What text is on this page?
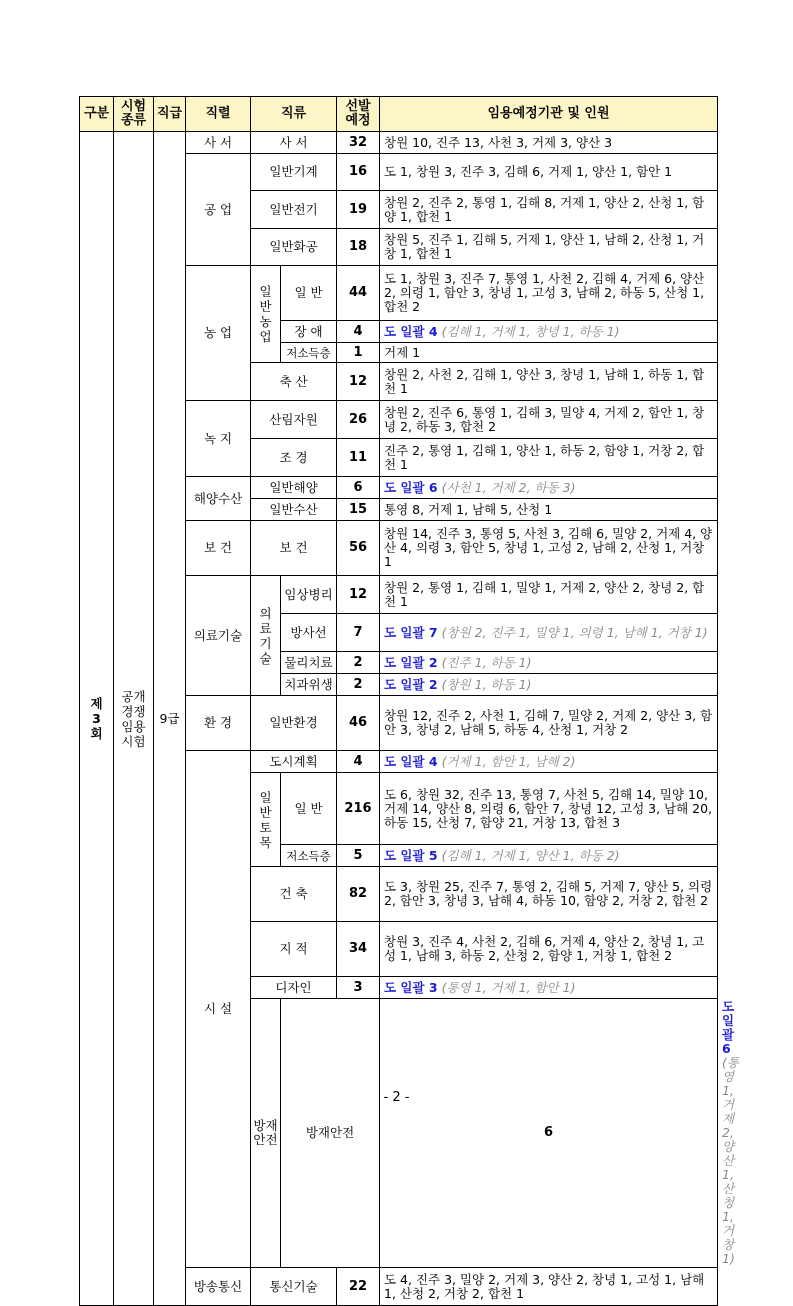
구분	시험 종류	직급	직렬	직류		선발 예정	임용예정기관 및 인원	

제3회	공개경쟁임용시험	9급	사 서	사 서		32	창원 10, 진주 13, 사천 3, 거제 3, 양산 3	
			공 업	일반기계		16	도 1, 창원 3, 진주 3, 김해 6, 거제 1, 양산 1, 함안 1	
				일반전기		19	창원 2, 진주 2, 통영 1, 김해 8, 거제 1, 양산 2, 산청 1, 함양 1, 합천 1	
				일반화공		18	창원 5, 진주 1, 김해 5, 거제 1, 양산 1, 남해 2, 산청 1, 거창 1, 합천 1	
			농 업	일반농업	일 반	44	도 1, 창원 3, 진주 7, 통영 1, 사천 2, 김해 4, 거제 6, 양산 2, 의령 1, 함안 3, 창녕 1, 고성 3, 남해 2, 하동 5, 산청 1, 합천 2	
					장 애	4	도 일괄 4 (김해 1, 거제 1, 창녕 1, 하동 1)	
					저소득층	1	거제 1	
				축 산		12	창원 2, 사천 2, 김해 1, 양산 3, 창녕 1, 남해 1, 하동 1, 합천 1	
			녹 지	산림자원		26	창원 2, 진주 6, 통영 1, 김해 3, 밀양 4, 거제 2, 함안 1, 창녕 2, 하동 3, 합천 2	
				조 경		11	진주 2, 통영 1, 김해 1, 양산 1, 하동 2, 함양 1, 거창 2, 합천 1	
			해양수산	일반해양		6	도 일괄 6 (사천 1, 거제 2, 하동 3)	
				일반수산		15	통영 8, 거제 1, 남해 5, 산청 1	
			보 건	보 건		56	창원 14, 진주 3, 통영 5, 사천 3, 김해 6, 밀양 2, 거제 4, 양산 4, 의령 3, 함안 5, 창녕 1, 고성 2, 남해 2, 산청 1, 거창 1	
			의료기술	의료기술	임상병리	12	창원 2, 통영 1, 김해 1, 밀양 1, 거제 2, 양산 2, 창녕 2, 합천 1	
					방사선	7	도 일괄 7 (창원 2, 진주 1, 밀양 1, 의령 1, 남해 1, 거창 1)	
					물리치료	2	도 일괄 2 (진주 1, 하동 1)	
					치과위생	2	도 일괄 2 (창원 1, 하동 1)	
			환 경	일반환경		46	창원 12, 진주 2, 사천 1, 김해 7, 밀양 2, 거제 2, 양산 3, 함안 3, 창녕 2, 남해 5, 하동 4, 산청 1, 거창 2	
			시 설	도시계획		4	도 일괄 4 (거제 1, 함안 1, 남해 2)	

				일반토목	일 반	216	도 6, 창원 32, 진주 13, 통영 7, 사천 5, 김해 14, 밀양 10, 거제 14, 양산 8, 의령 6, 함안 7, 창녕 12, 고성 3, 남해 20, 하동 15, 산청 7, 함양 21, 거창 13, 합천 3	
					저소득층	5	도 일괄 5 (김해 1, 거제 1, 양산 1, 하동 2)	
				건 축		82	도 3, 창원 25, 진주 7, 통영 2, 김해 5, 거제 7, 양산 5, 의령 2, 함안 3, 창녕 3, 남해 4, 하동 10, 함양 2, 거창 2, 합천 2	
				지 적		34	창원 3, 진주 4, 사천 2, 김해 6, 거제 4, 양산 2, 창녕 1, 고성 1, 남해 3, 하동 2, 산청 2, 함양 1, 거창 1, 합천 2	
				디자인		3	도 일괄 3 (통영 1, 거제 1, 함안 1)	
				방재안전	방재안전		6	도 일괄 6 (통영 1, 거제 2, 양산 1, 산청 1, 거창 1)
			방송통신	통신기술		22	도 4, 진주 3, 밀양 2, 거제 3, 양산 2, 창녕 1, 고성 1, 남해 1, 산청 2, 거창 2, 합천 1	
- 2 -
